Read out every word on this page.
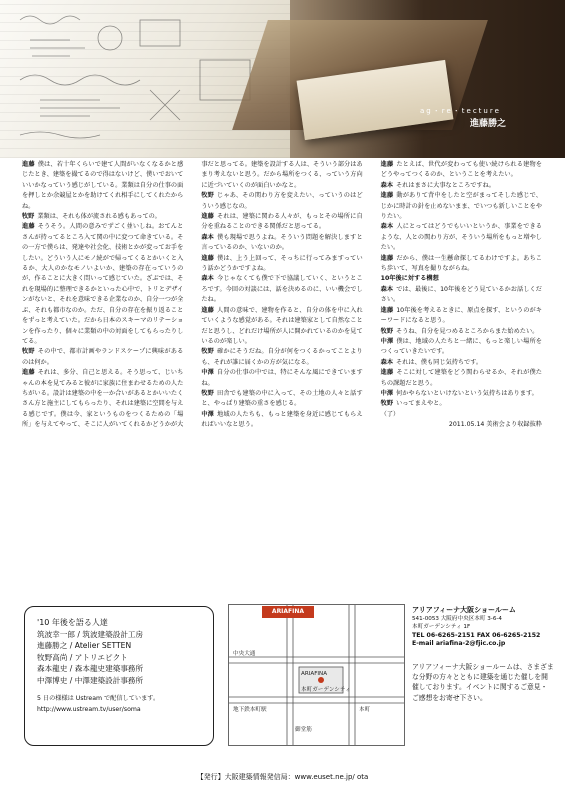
ag・re・tecture
進藤勝之

進藤 僕は、若十年くらいで建て人間がいなくなるかと感じたとき、建築を撮てるので得はないけど、僕いでおいていいかなっていう感じがしている。業類は自分の仕事の面を押しとか余競屋とかを助けてくれ相手にしてくれたからね。

牧野 業類は、それも体が流される感もあっての。

進藤 そうそう。人間の意みでずごく並いしね。おてんとさんが持ってるところ入て関の中に変つて命きている。その一方で僕らは、発達や社会化、技術とかが変ってお手をしたい。どういう人にモノ続がで帰ってくるとかいくと入るか、大人のかなモノいよいか、建築の存在っていうのが、作ることに大きく問いって感じていた。ざぶでは、それを現場的に整理できるかといった心中で、トリとデザインがないと、それを意味できる企業なのか、自分一つが全ぶ、それも都市なのか。ただ、自分の存在を振り返ることをずっと考えていた。だから日本のスキーマのリテーションを作ったり、個々に業類の中の対面をしてもらったりしてる。

牧野 その中で、都市計画やランドスケープに興味があるのは何か。

進藤 それは、多分、自己と思える。そう思って、じいちゃんの本を見てみると彼がに家族に住まわせるための人たちがいる。設計は建築の中を一か合いがあるとかいいたくさん方と施主にしてもらったり、それは建築に空間を与える感じです。僕は今、家というものをつくるための「場所」を与えてやって、そこに人がいてくれるかどうかが大事だと思ってる。建築を設計する人は、そういう部分はあまり考えないと思う。だから場所をつくる、っていう方向に近づいていくのが面白いかなと。

牧野 じゃあ、その関わり方を変えたい、っていうのはどういう感じなの。

進藤 それは、建築に関わる人々が、もっとその場所に自分を重ねることのできる関係だと思ってる。

森本 僕も現場で思うよね。そういう問題を解決しますと言っているのか、いないのか。

進藤 僕は、上う上回って、そっちに行ってみますっていう話かどうかですよね。

森本 今じゃなくても僕で下で協議していく、というところです。今回の対談には、話を決めるのに、いい機会でしたね。

進藤 人間の意味で、建物を作ると、自分の体を中に入れていくような感覚がある。それは建築家として自然なことだと思うし、どれだけ場所が人に開かれているのかを見ているのが楽しい。

牧野 確かにそうだね。自分が何をつくるかってことよりも、それが誰に届くかの方が気になる。

中澤 自分の仕事の中では、特にそんな風にできていますね。

牧野 田舎でも建築の中に入って、その土地の人々と話すと、やっぱり建築の重さを感じる。

中澤 地域の人たちも、もっと建築を身近に感じてもらえればいいなと思う。

進藤 たとえば、世代が変わっても使い続けられる建物をどうやってつくるのか、ということを考えたい。

森本 それはまさに大事なところですね。

進藤 動がありて背中をしたと空がまってそした感じで、じかに時計の針を止めないまま、でいつも新しいことをやりたい。

森本 人にとってはどうでもいいというか、事業をできるような、人との関わり方が、そういう場所をもっと増やしたい。

進藤 だから、僕は一生懸命探してるわけですよ。あちこち歩いて、写真を撮りながらね。

10年後に対する構想

森本 では、最後に、10年後をどう見ているかお話しください。

進藤 10年後を考えるときに、原点を探す、というのがキーワードになると思う。

牧野 そうね、自分を見つめるところからまた始めたい。

中澤 僕は、地域の人たちと一緒に、もっと楽しい場所をつくっていきたいです。

森本 それは、僕も同じ気持ちです。

進藤 そこに対して建築をどう関わらせるか、それが僕たちの課題だと思う。

中澤 何かやらないといけないという気持ちはあります。

牧野 いってまえやと。

（了）

2011.05.14 美術会より収録抜粋

'10 年後を語る人達
筑波幸一郎 / 筑波建築設計工房
進藤勝之 / Atelier SETTEN
牧野高尚 / アトリエピクト
森本龍史 / 森本龍史建築事務所
中澤博史 / 中澤建築設計事務所
5 日の様様は Ustream で配信しています。
http://www.ustream.tv/user/soma
ARIAFINA
本町ガーデンシティ
中央大通
本町
御堂筋
地下鉄本町駅
ARIAFINA	アリアフィーナ大阪ショールーム
541-0053 大阪府中央区本町 3-6-4
本町ガーデンシティ 1F
TEL 06-6265-2151 FAX 06-6265-2152
E-mail ariafina-2@fjic.co.jp
アリアフィーナ大阪ショールームは、さまざまな分野の方々とともに建築を通じた催しを開催しております。イベントに関するご意見・ご感想をお寄せ下さい。
【発行】大阪建築情報発信局：www.euset.ne.jp/ ota
